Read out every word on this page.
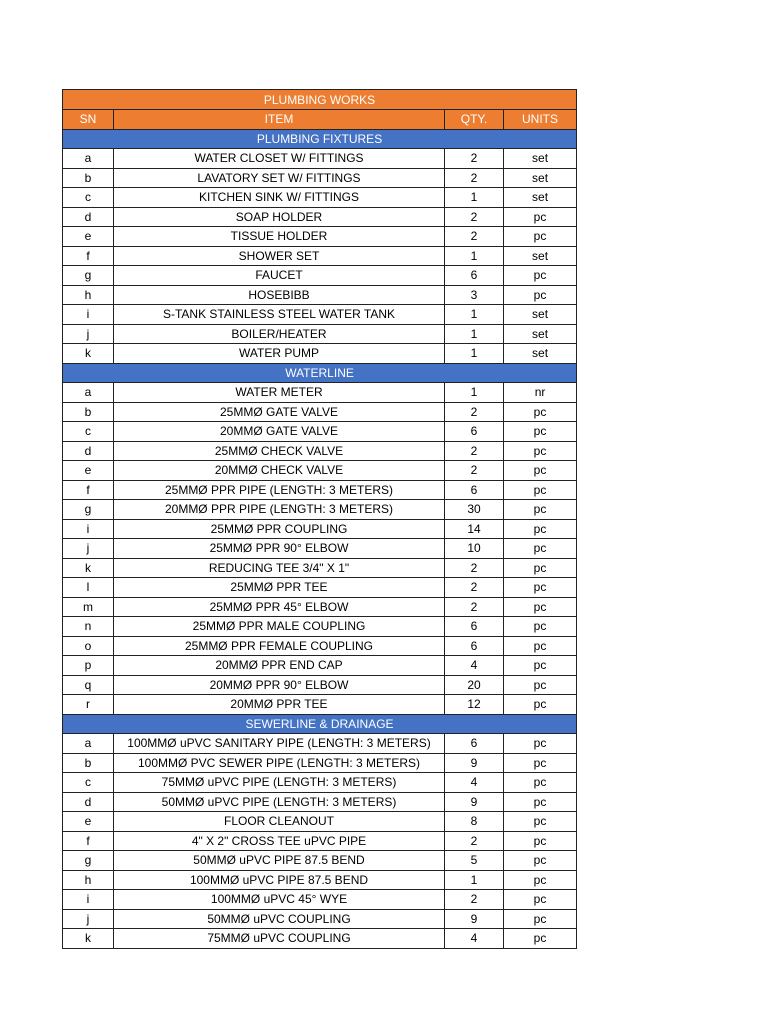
PLUMBING WORKS			
SN	ITEM	QTY.	UNITS
PLUMBING FIXTURES			
a	WATER CLOSET W/ FITTINGS	2	set
b	LAVATORY SET W/ FITTINGS	2	set
c	KITCHEN SINK W/ FITTINGS	1	set
d	SOAP HOLDER	2	pc
e	TISSUE HOLDER	2	pc
f	SHOWER SET	1	set
g	FAUCET	6	pc
h	HOSEBIBB	3	pc
i	S-TANK STAINLESS STEEL WATER TANK	1	set
j	BOILER/HEATER	1	set
k	WATER PUMP	1	set
WATERLINE			
a	WATER METER	1	nr
b	25MMØ GATE VALVE	2	pc
c	20MMØ GATE VALVE	6	pc
d	25MMØ CHECK VALVE	2	pc
e	20MMØ CHECK VALVE	2	pc
f	25MMØ PPR PIPE (LENGTH: 3 METERS)	6	pc
g	20MMØ PPR PIPE (LENGTH: 3 METERS)	30	pc
i	25MMØ PPR COUPLING	14	pc
j	25MMØ PPR 90° ELBOW	10	pc
k	REDUCING TEE 3/4" X 1"	2	pc
l	25MMØ PPR TEE	2	pc
m	25MMØ PPR 45° ELBOW	2	pc
n	25MMØ PPR MALE COUPLING	6	pc
o	25MMØ PPR FEMALE COUPLING	6	pc
p	20MMØ PPR END CAP	4	pc
q	20MMØ PPR 90° ELBOW	20	pc
r	20MMØ PPR TEE	12	pc
SEWERLINE & DRAINAGE			
a	100MMØ uPVC SANITARY PIPE (LENGTH: 3 METERS)	6	pc
b	100MMØ PVC SEWER PIPE (LENGTH: 3 METERS)	9	pc
c	75MMØ uPVC PIPE (LENGTH: 3 METERS)	4	pc
d	50MMØ uPVC PIPE (LENGTH: 3 METERS)	9	pc
e	FLOOR CLEANOUT	8	pc
f	4" X 2" CROSS TEE uPVC PIPE	2	pc
g	50MMØ uPVC PIPE 87.5 BEND	5	pc
h	100MMØ uPVC PIPE 87.5 BEND	1	pc
i	100MMØ uPVC 45° WYE	2	pc
j	50MMØ uPVC COUPLING	9	pc
k	75MMØ uPVC COUPLING	4	pc
